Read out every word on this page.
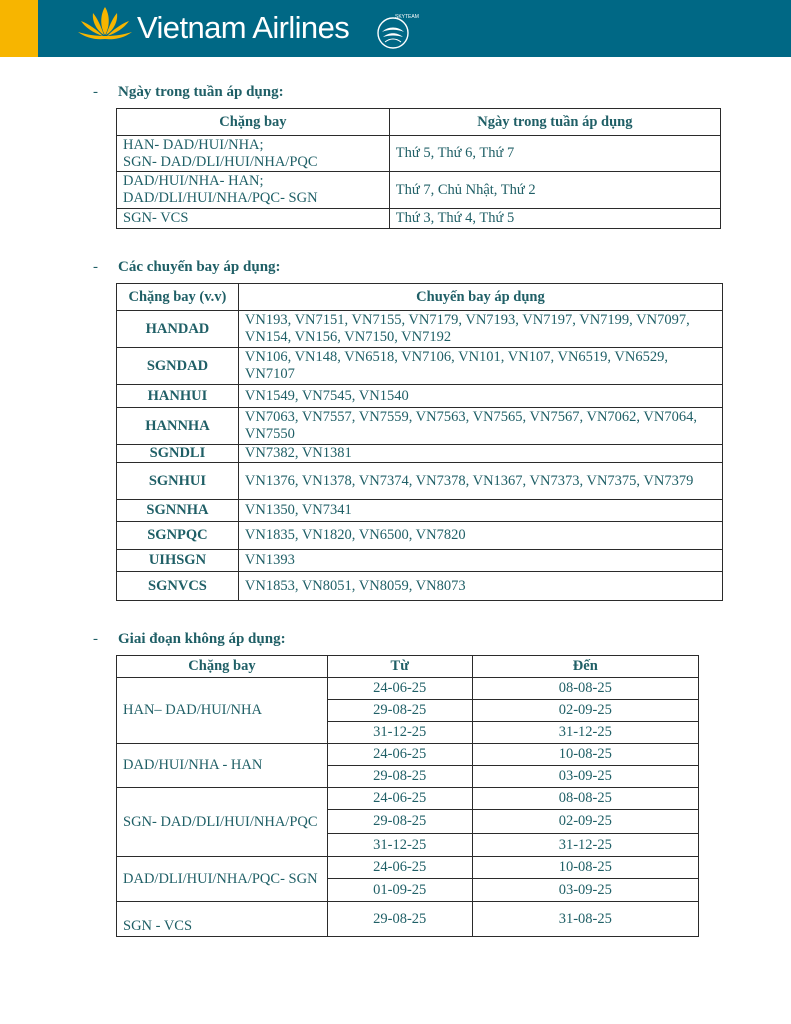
Vietnam Airlines	SKYTEAM
- Ngày trong tuần áp dụng:
Chặng bay	Ngày trong tuần áp dụng
HAN- DAD/HUI/NHA;
SGN- DAD/DLI/HUI/NHA/PQC	Thứ 5, Thứ 6, Thứ 7
DAD/HUI/NHA- HAN;
DAD/DLI/HUI/NHA/PQC- SGN	Thứ 7, Chủ Nhật, Thứ 2
SGN- VCS	Thứ 3, Thứ 4, Thứ 5
- Các chuyến bay áp dụng:
Chặng bay (v.v)	Chuyến bay áp dụng
HANDAD	VN193, VN7151, VN7155, VN7179, VN7193, VN7197, VN7199, VN7097, VN154, VN156, VN7150, VN7192
SGNDAD	VN106, VN148, VN6518, VN7106, VN101, VN107, VN6519, VN6529, VN7107
HANHUI	VN1549, VN7545, VN1540
HANNHA	VN7063, VN7557, VN7559, VN7563, VN7565, VN7567, VN7062, VN7064, VN7550
SGNDLI	VN7382, VN1381
SGNHUI	VN1376, VN1378, VN7374, VN7378, VN1367, VN7373, VN7375, VN7379
SGNNHA	VN1350, VN7341
SGNPQC	VN1835, VN1820, VN6500, VN7820
UIHSGN	VN1393
SGNVCS	VN1853, VN8051, VN8059, VN8073
- Giai đoạn không áp dụng:
Chặng bay	Từ	Đến
HAN– DAD/HUI/NHA	24-06-25	08-08-25
	29-08-25	02-09-25
	31-12-25	31-12-25
DAD/HUI/NHA - HAN	24-06-25	10-08-25
	29-08-25	03-09-25
SGN- DAD/DLI/HUI/NHA/PQC	24-06-25	08-08-25
	29-08-25	02-09-25
	31-12-25	31-12-25
DAD/DLI/HUI/NHA/PQC- SGN	24-06-25	10-08-25
	01-09-25	03-09-25
SGN - VCS	29-08-25	31-08-25
